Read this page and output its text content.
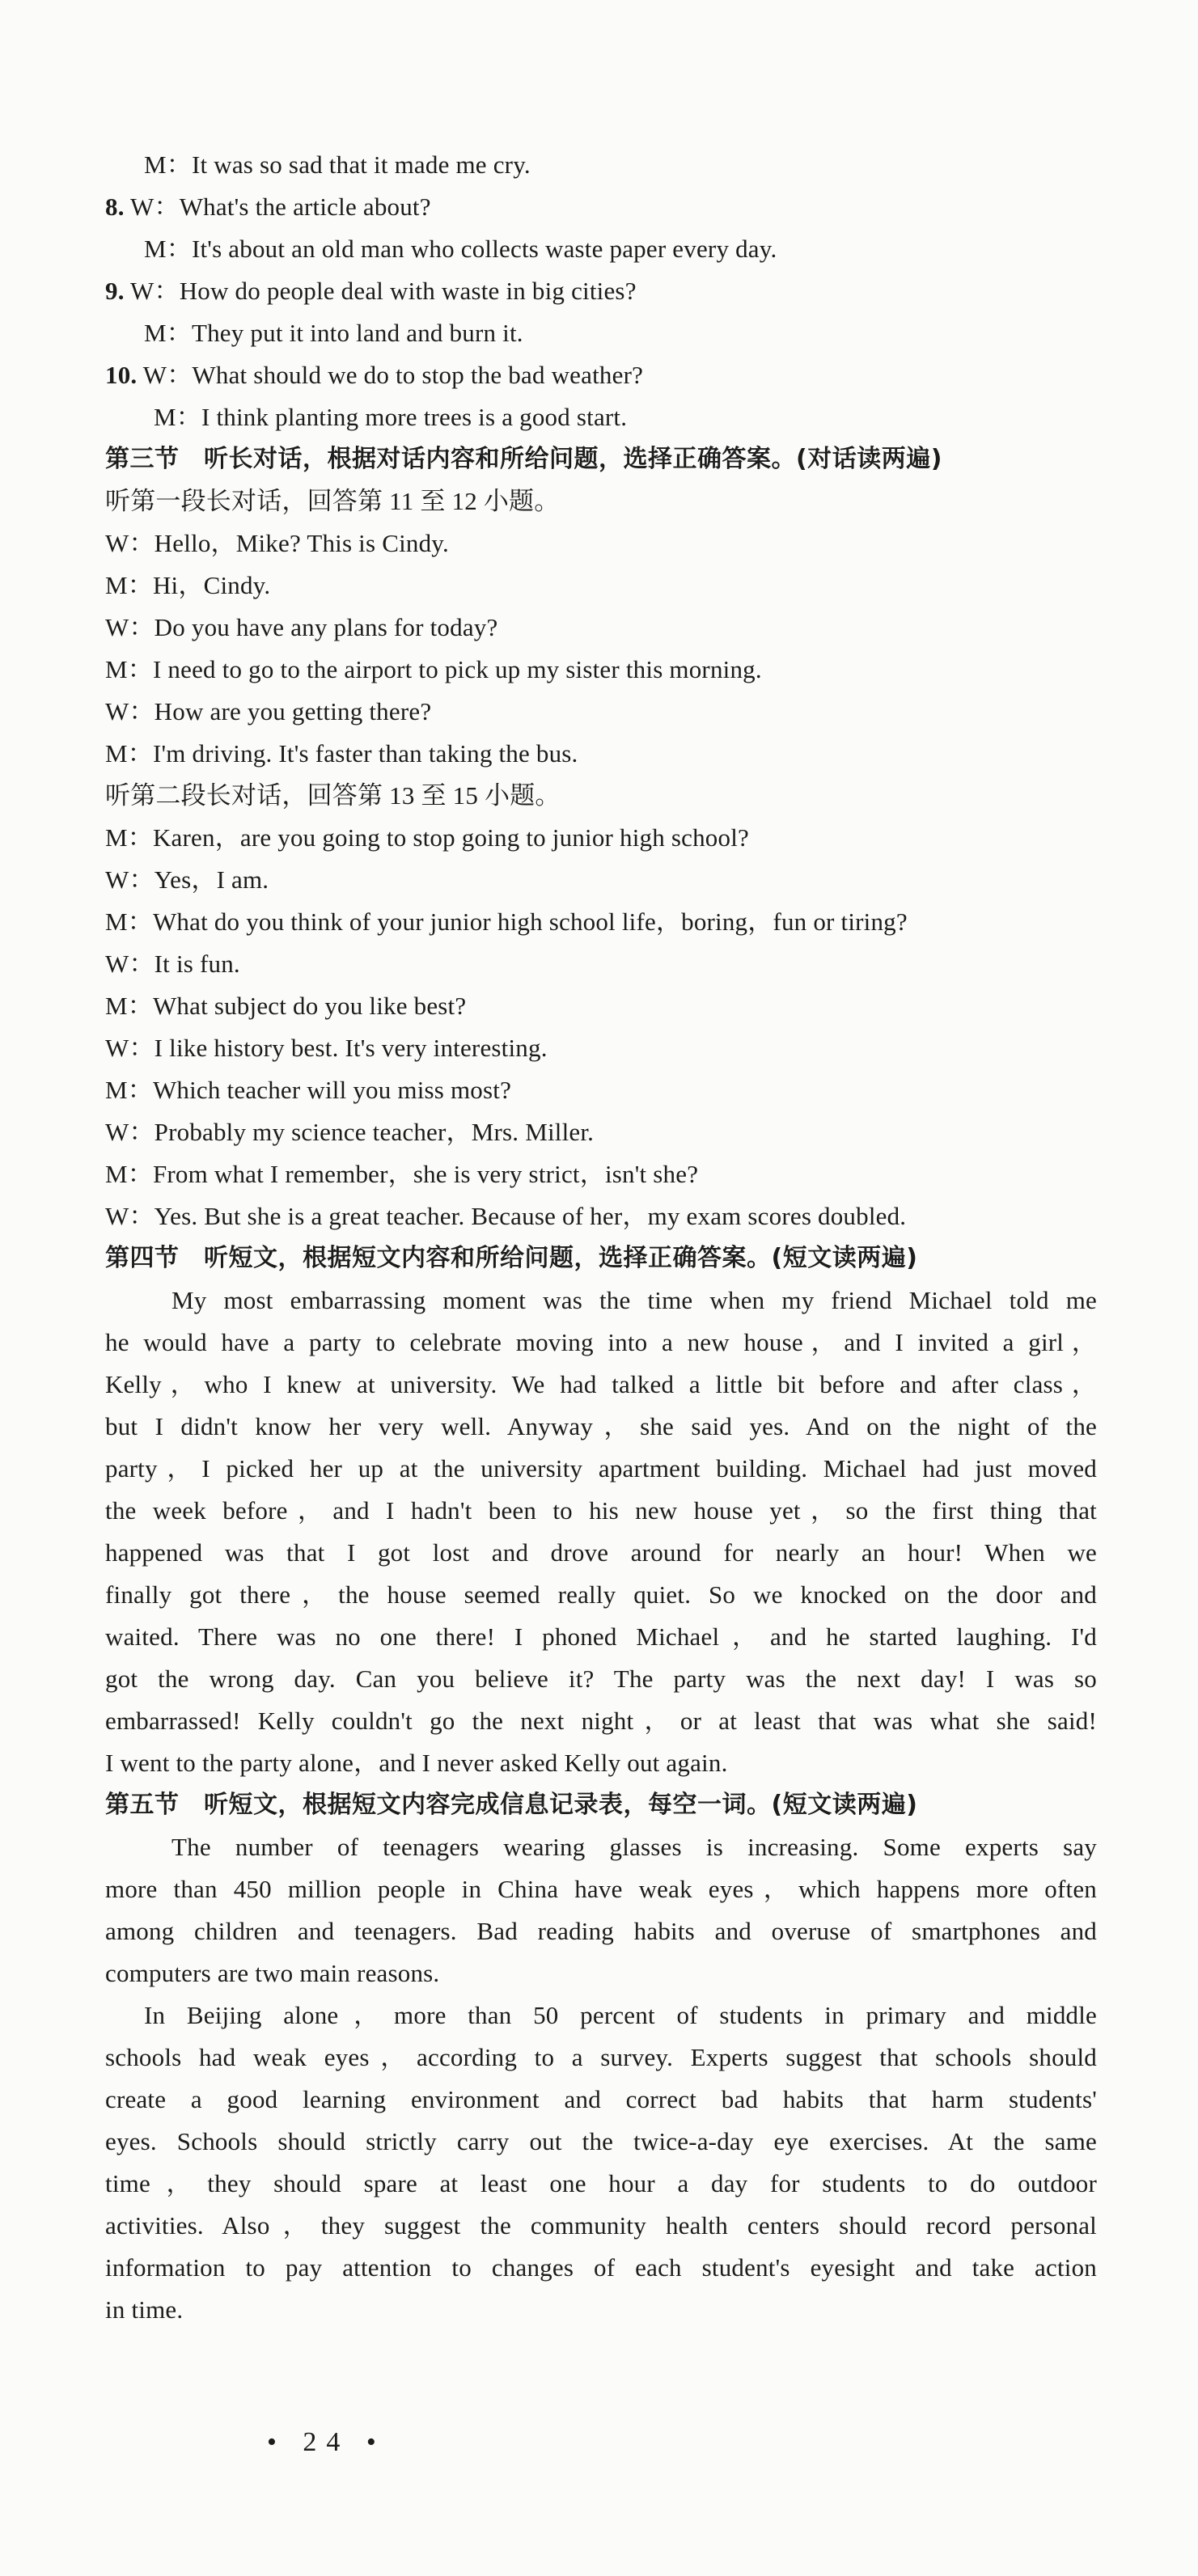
M：It was so sad that it made me cry.
8. W：What's the article about?
M：It's about an old man who collects waste paper every day.
9. W：How do people deal with waste in big cities?
M：They put it into land and burn it.
10. W：What should we do to stop the bad weather?
M：I think planting more trees is a good start.
第三节　听长对话，根据对话内容和所给问题，选择正确答案。(对话读两遍)
听第一段长对话，回答第 11 至 12 小题。
W：Hello，Mike? This is Cindy.
M：Hi，Cindy.
W：Do you have any plans for today?
M：I need to go to the airport to pick up my sister this morning.
W：How are you getting there?
M：I'm driving. It's faster than taking the bus.
听第二段长对话，回答第 13 至 15 小题。
M：Karen，are you going to stop going to junior high school?
W：Yes，I am.
M：What do you think of your junior high school life，boring，fun or tiring?
W：It is fun.
M：What subject do you like best?
W：I like history best. It's very interesting.
M：Which teacher will you miss most?
W：Probably my science teacher，Mrs. Miller.
M：From what I remember，she is very strict，isn't she?
W：Yes. But she is a great teacher. Because of her，my exam scores doubled.
第四节　听短文，根据短文内容和所给问题，选择正确答案。(短文读两遍)
My most embarrassing moment was the time when my friend Michael told me
he would have a party to celebrate moving into a new house，and I invited a girl，
Kelly，who I knew at university. We had talked a little bit before and after class，
but I didn't know her very well. Anyway，she said yes. And on the night of the
party，I picked her up at the university apartment building. Michael had just moved
the week before，and I hadn't been to his new house yet，so the first thing that
happened was that I got lost and drove around for nearly an hour! When we
finally got there，the house seemed really quiet. So we knocked on the door and
waited. There was no one there! I phoned Michael，and he started laughing. I'd
got the wrong day. Can you believe it? The party was the next day! I was so
embarrassed! Kelly couldn't go the next night，or at least that was what she said!
I went to the party alone，and I never asked Kelly out again.
第五节　听短文，根据短文内容完成信息记录表，每空一词。(短文读两遍)
The number of teenagers wearing glasses is increasing. Some experts say
more than 450 million people in China have weak eyes，which happens more often
among children and teenagers. Bad reading habits and overuse of smartphones and
computers are two main reasons.
In Beijing alone，more than 50 percent of students in primary and middle
schools had weak eyes，according to a survey. Experts suggest that schools should
create a good learning environment and correct bad habits that harm students'
eyes. Schools should strictly carry out the twice-a-day eye exercises. At the same
time，they should spare at least one hour a day for students to do outdoor
activities. Also，they suggest the community health centers should record personal
information to pay attention to changes of each student's eyesight and take action
in time.
• 24 •
